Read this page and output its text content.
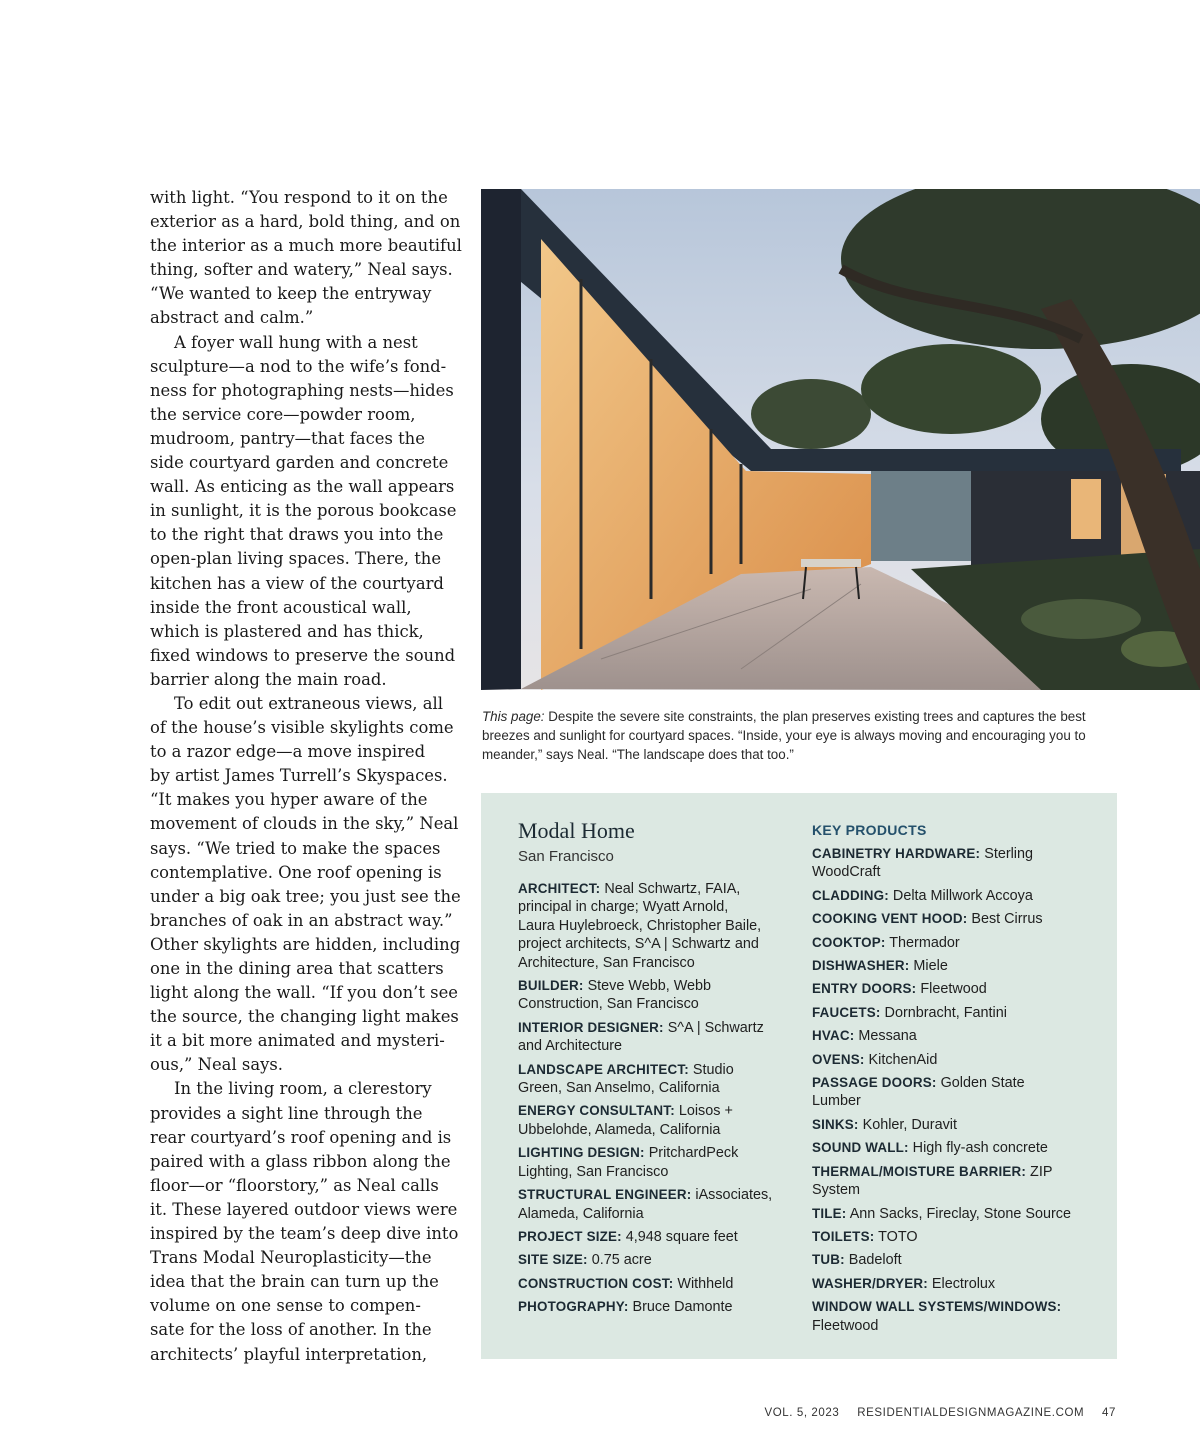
with light. “You respond to it on the
exterior as a hard, bold thing, and on
the interior as a much more beautiful
thing, softer and watery,” Neal says.
“We wanted to keep the entryway
abstract and calm.”
A foyer wall hung with a nest
sculpture—a nod to the wife’s fond-
ness for photographing nests—hides
the service core—powder room,
mudroom, pantry—that faces the
side courtyard garden and concrete
wall. As enticing as the wall appears
in sunlight, it is the porous bookcase
to the right that draws you into the
open-plan living spaces. There, the
kitchen has a view of the courtyard
inside the front acoustical wall,
which is plastered and has thick,
fixed windows to preserve the sound
barrier along the main road.
To edit out extraneous views, all
of the house’s visible skylights come
to a razor edge—a move inspired
by artist James Turrell’s Skyspaces.
“It makes you hyper aware of the
movement of clouds in the sky,” Neal
says. “We tried to make the spaces
contemplative. One roof opening is
under a big oak tree; you just see the
branches of oak in an abstract way.”
Other skylights are hidden, including
one in the dining area that scatters
light along the wall. “If you don’t see
the source, the changing light makes
it a bit more animated and mysteri-
ous,” Neal says.
In the living room, a clerestory
provides a sight line through the
rear courtyard’s roof opening and is
paired with a glass ribbon along the
floor—or “floorstory,” as Neal calls
it. These layered outdoor views were
inspired by the team’s deep dive into
Trans Modal Neuroplasticity—the
idea that the brain can turn up the
volume on one sense to compen-
sate for the loss of another. In the
architects’ playful interpretation,
This page: Despite the severe site constraints, the plan preserves existing trees and captures the best
breezes and sunlight for courtyard spaces. “Inside, your eye is always moving and encouraging you to
meander,” says Neal. “The landscape does that too.”
Modal Home
San Francisco
ARCHITECT: Neal Schwartz, FAIA,
principal in charge; Wyatt Arnold,
Laura Huylebroeck, Christopher Baile,
project architects, S^A | Schwartz and
Architecture, San Francisco
BUILDER: Steve Webb, Webb
Construction, San Francisco
INTERIOR DESIGNER: S^A | Schwartz
and Architecture
LANDSCAPE ARCHITECT: Studio
Green, San Anselmo, California
ENERGY CONSULTANT: Loisos +
Ubbelohde, Alameda, California
LIGHTING DESIGN: PritchardPeck
Lighting, San Francisco
STRUCTURAL ENGINEER: iAssociates,
Alameda, California
PROJECT SIZE: 4,948 square feet
SITE SIZE: 0.75 acre
CONSTRUCTION COST: Withheld
PHOTOGRAPHY: Bruce Damonte
KEY PRODUCTS
CABINETRY HARDWARE: Sterling
WoodCraft
CLADDING: Delta Millwork Accoya
COOKING VENT HOOD: Best Cirrus
COOKTOP: Thermador
DISHWASHER: Miele
ENTRY DOORS: Fleetwood
FAUCETS: Dornbracht, Fantini
HVAC: Messana
OVENS: KitchenAid
PASSAGE DOORS: Golden State
Lumber
SINKS: Kohler, Duravit
SOUND WALL: High fly-ash concrete
THERMAL/MOISTURE BARRIER: ZIP
System
TILE: Ann Sacks, Fireclay, Stone Source
TOILETS: TOTO
TUB: Badeloft
WASHER/DRYER: Electrolux
WINDOW WALL SYSTEMS/WINDOWS:
Fleetwood
VOL. 5, 2023 RESIDENTIALDESIGNMAGAZINE.COM 47
